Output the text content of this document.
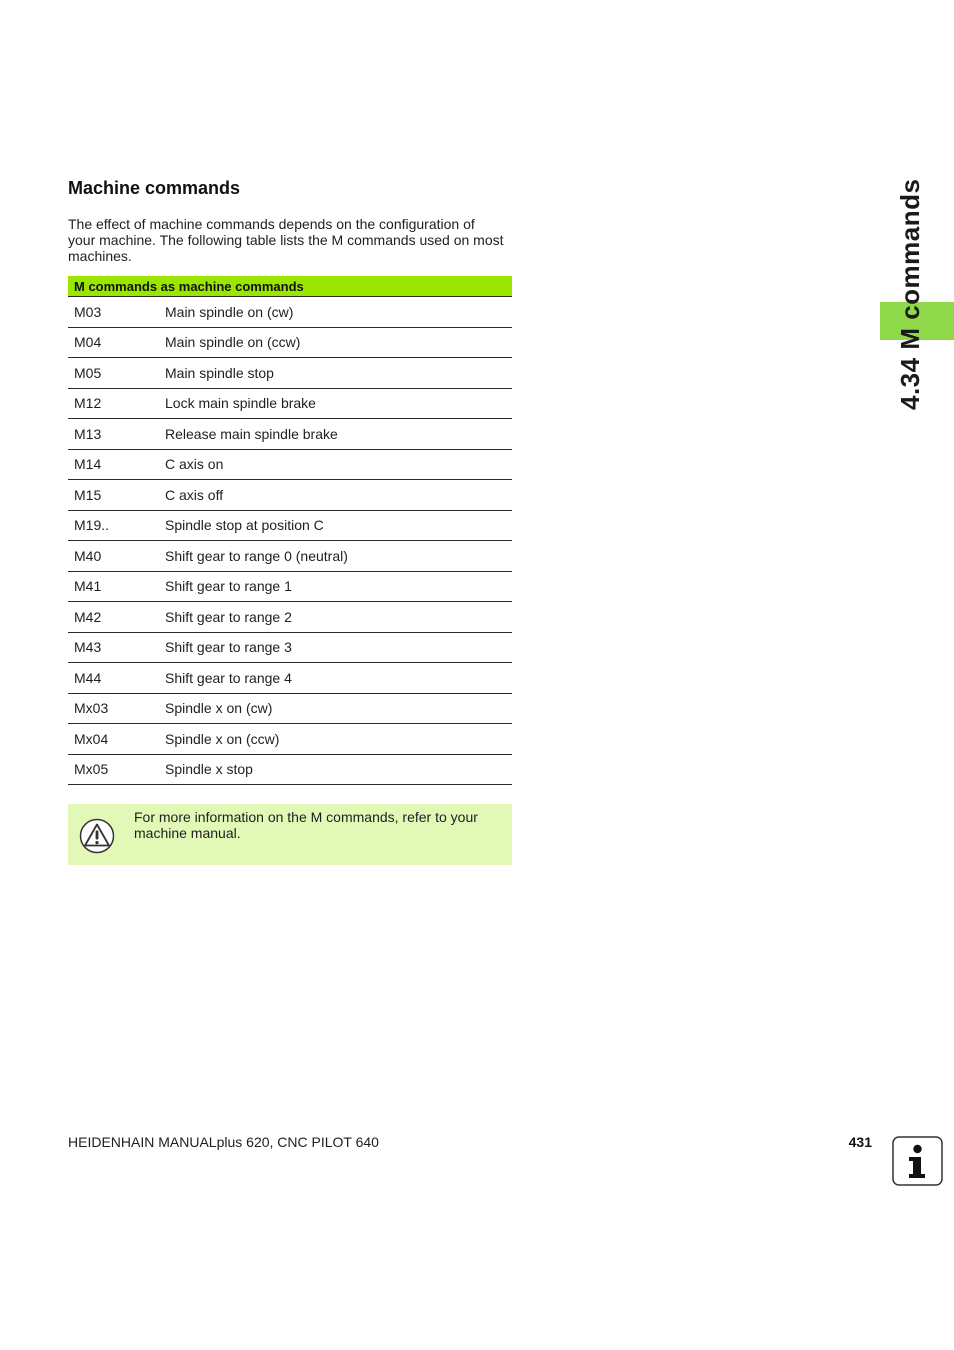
Machine commands

The effect of machine commands depends on the configuration of your machine. The following table lists the M commands used on most machines.

M commands as machine commands	
M03	Main spindle on (cw)
M04	Main spindle on (ccw)
M05	Main spindle stop
M12	Lock main spindle brake
M13	Release main spindle brake
M14	C axis on
M15	C axis off
M19..	Spindle stop at position C
M40	Shift gear to range 0 (neutral)
M41	Shift gear to range 1
M42	Shift gear to range 2
M43	Shift gear to range 3
M44	Shift gear to range 4
Mx03	Spindle x on (cw)
Mx04	Spindle x on (ccw)
Mx05	Spindle x stop

For more information on the M commands, refer to your machine manual.

4.34 M commands

HEIDENHAIN MANUALplus 620, CNC PILOT 640	431
